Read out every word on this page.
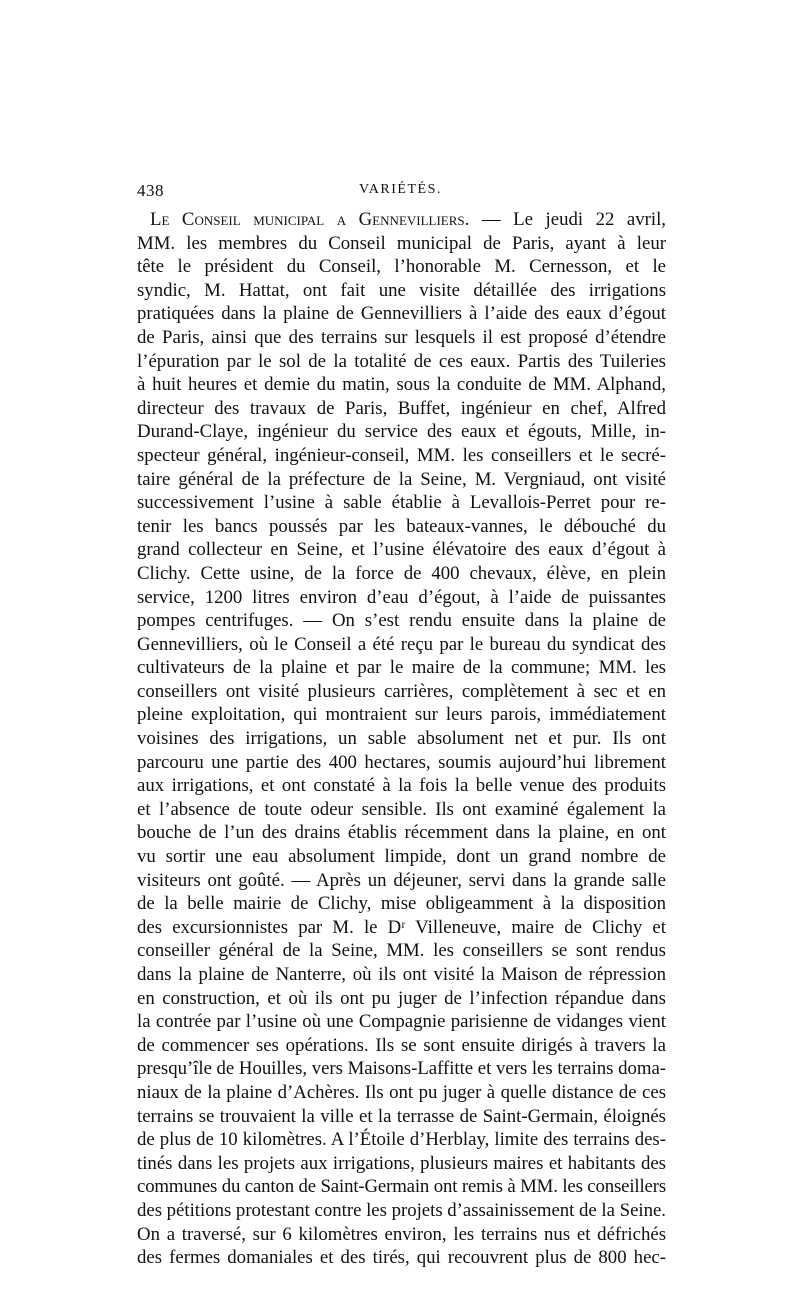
438	VARIÉTÉS.
Le Conseil municipal a Gennevilliers. — Le jeudi 22 avril,
MM. les membres du Conseil municipal de Paris, ayant à leur
tête le président du Conseil, l’honorable M. Cernesson, et le
syndic, M. Hattat, ont fait une visite détaillée des irrigations
pratiquées dans la plaine de Gennevilliers à l’aide des eaux d’égout
de Paris, ainsi que des terrains sur lesquels il est proposé d’étendre
l’épuration par le sol de la totalité de ces eaux. Partis des Tuileries
à huit heures et demie du matin, sous la conduite de MM. Alphand,
directeur des travaux de Paris, Buffet, ingénieur en chef, Alfred
Durand-Claye, ingénieur du service des eaux et égouts, Mille, in-
specteur général, ingénieur-conseil, MM. les conseillers et le secré-
taire général de la préfecture de la Seine, M. Vergniaud, ont visité
successivement l’usine à sable établie à Levallois-Perret pour re-
tenir les bancs poussés par les bateaux-vannes, le débouché du
grand collecteur en Seine, et l’usine élévatoire des eaux d’égout à
Clichy. Cette usine, de la force de 400 chevaux, élève, en plein
service, 1200 litres environ d’eau d’égout, à l’aide de puissantes
pompes centrifuges. — On s’est rendu ensuite dans la plaine de
Gennevilliers, où le Conseil a été reçu par le bureau du syndicat des
cultivateurs de la plaine et par le maire de la commune; MM. les
conseillers ont visité plusieurs carrières, complètement à sec et en
pleine exploitation, qui montraient sur leurs parois, immédiatement
voisines des irrigations, un sable absolument net et pur. Ils ont
parcouru une partie des 400 hectares, soumis aujourd’hui librement
aux irrigations, et ont constaté à la fois la belle venue des produits
et l’absence de toute odeur sensible. Ils ont examiné également la
bouche de l’un des drains établis récemment dans la plaine, en ont
vu sortir une eau absolument limpide, dont un grand nombre de
visiteurs ont goûté. — Après un déjeuner, servi dans la grande salle
de la belle mairie de Clichy, mise obligeamment à la disposition
des excursionnistes par M. le Dʳ Villeneuve, maire de Clichy et
conseiller général de la Seine, MM. les conseillers se sont rendus
dans la plaine de Nanterre, où ils ont visité la Maison de répression
en construction, et où ils ont pu juger de l’infection répandue dans
la contrée par l’usine où une Compagnie parisienne de vidanges vient
de commencer ses opérations. Ils se sont ensuite dirigés à travers la
presqu’île de Houilles, vers Maisons-Laffitte et vers les terrains doma-
niaux de la plaine d’Achères. Ils ont pu juger à quelle distance de ces
terrains se trouvaient la ville et la terrasse de Saint-Germain, éloignés
de plus de 10 kilomètres. A l’Étoile d’Herblay, limite des terrains des-
tinés dans les projets aux irrigations, plusieurs maires et habitants des
communes du canton de Saint-Germain ont remis à MM. les conseillers
des pétitions protestant contre les projets d’assainissement de la Seine.
On a traversé, sur 6 kilomètres environ, les terrains nus et défrichés
des fermes domaniales et des tirés, qui recouvrent plus de 800 hec-
